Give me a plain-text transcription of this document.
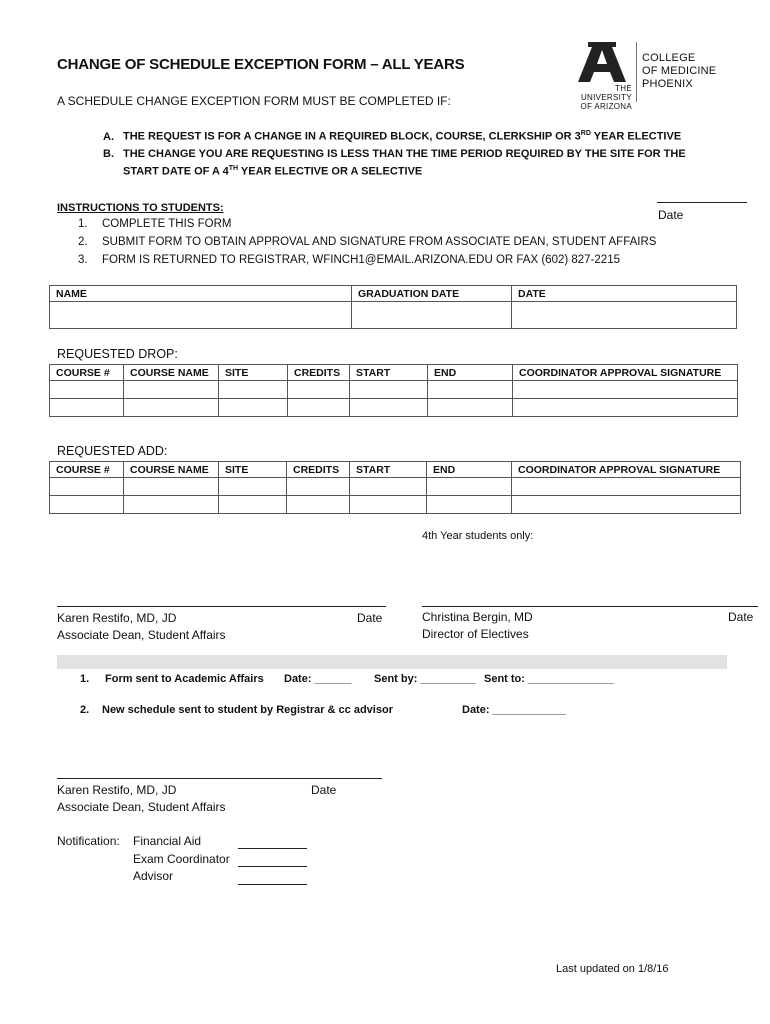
CHANGE OF SCHEDULE EXCEPTION FORM – ALL YEARS
A SCHEDULE CHANGE EXCEPTION FORM MUST BE COMPLETED IF:
THE UNIVERSITY
OF ARIZONA
COLLEGE
OF MEDICINE
PHOENIX
A. THE REQUEST IS FOR A CHANGE IN A REQUIRED BLOCK, COURSE, CLERKSHIP OR 3RD YEAR ELECTIVE
B. THE CHANGE YOU ARE REQUESTING IS LESS THAN THE TIME PERIOD REQUIRED BY THE SITE FOR THE
START DATE OF A 4TH YEAR ELECTIVE OR A SELECTIVE
Date
INSTRUCTIONS TO STUDENTS:
1. COMPLETE THIS FORM
2. SUBMIT FORM TO OBTAIN APPROVAL AND SIGNATURE FROM ASSOCIATE DEAN, STUDENT AFFAIRS
3. FORM IS RETURNED TO REGISTRAR, WFINCH1@EMAIL.ARIZONA.EDU OR FAX (602) 827-2215
NAME	GRADUATION DATE	DATE

REQUESTED DROP:
COURSE #	COURSE NAME	SITE	CREDITS	START	END	COORDINATOR APPROVAL SIGNATURE

REQUESTED ADD:
COURSE #	COURSE NAME	SITE	CREDITS	START	END	COORDINATOR APPROVAL SIGNATURE

4th Year students only:
Karen Restifo, MD, JD
Associate Dean, Student Affairs
Date	Christina Bergin, MD
Director of Electives
Date
1. Form sent to Academic Affairs Date: ______ Sent by: _________ Sent to: ______________
2. New schedule sent to student by Registrar & cc advisor	Date: ____________
Karen Restifo, MD, JD
Associate Dean, Student Affairs
Date
Notification: Financial Aid
Exam Coordinator
Advisor
Last updated on 1/8/16
